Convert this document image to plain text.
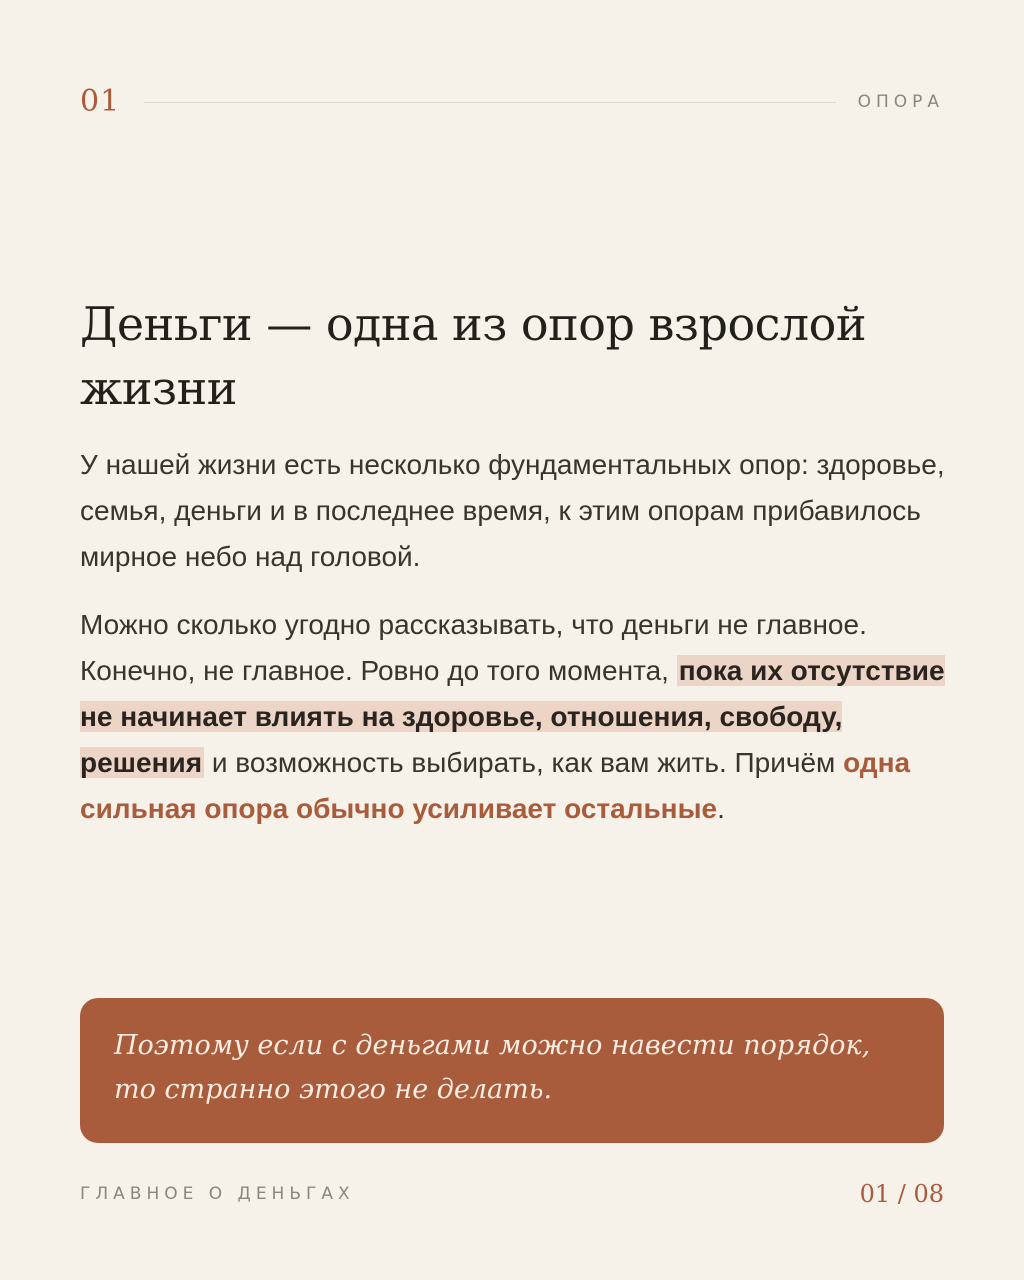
01	ОПОРА
Деньги — одна из опор взрослой жизни

У нашей жизни есть несколько фундаментальных опор: здоровье, семья, деньги и в последнее время, к этим опорам прибавилось мирное небо над головой.

Можно сколько угодно рассказывать, что деньги не главное. Конечно, не главное. Ровно до того момента, пока их отсутствие не начинает влиять на здоровье, отношения, свободу, решения и возможность выбирать, как вам жить. Причём одна сильная опора обычно усиливает остальные.

Поэтому если с деньгами можно навести порядок, то странно этого не делать.

ГЛАВНОЕ О ДЕНЬГАХ	01 / 08
